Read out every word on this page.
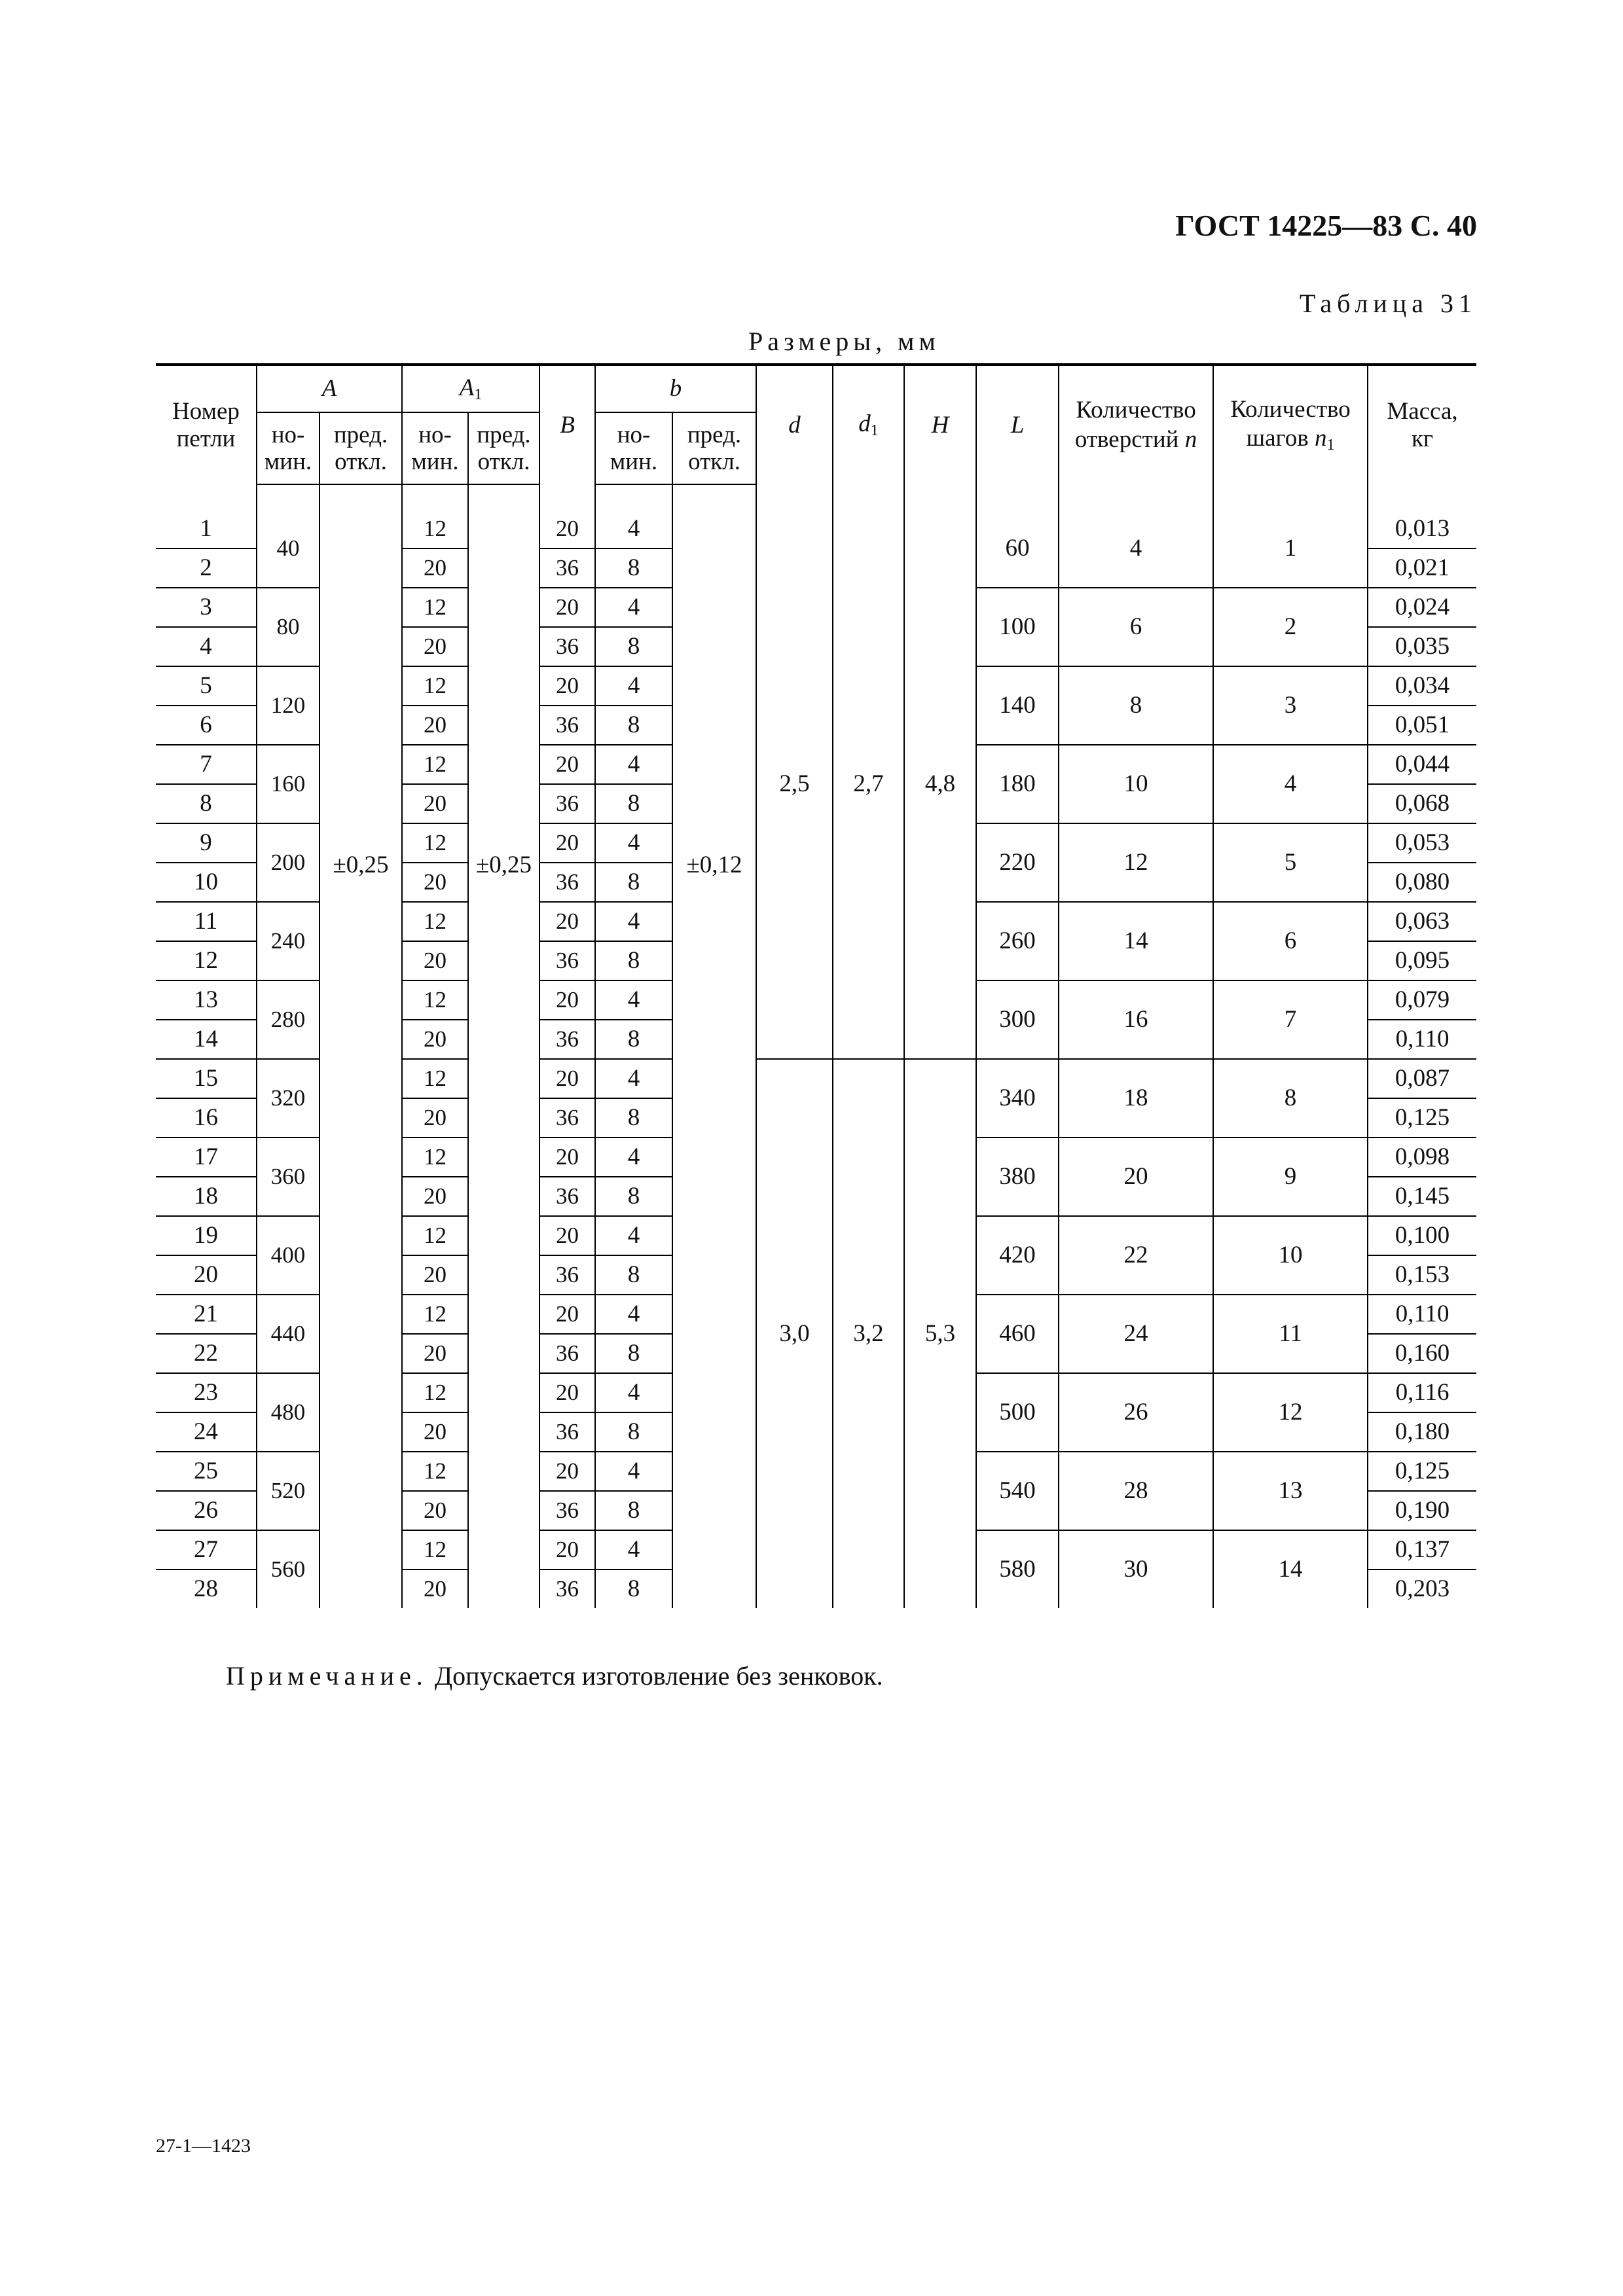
ГОСТ 14225—83 С. 40
Таблица 31
Размеры, мм
Номер петли	A		$A_1$		B	b		d	$d_1$	H	L	Количество отверстий n	Количество шагов $n_1$	Масса, кг
	но- мин.	пред. откл.	но- мин.	пред. откл.		но- мин.	пред. откл.							

1	40	±0,25	12	±0,25	20	4	±0,12	2,5	2,7	4,8	60	4	1	0,013
2			20		36	8								0,021
3	80		12		20	4					100	6	2	0,024
4			20		36	8								0,035
5	120		12		20	4					140	8	3	0,034
6			20		36	8								0,051
7	160		12		20	4					180	10	4	0,044
8			20		36	8								0,068
9	200		12		20	4					220	12	5	0,053
10			20		36	8								0,080
11	240		12		20	4					260	14	6	0,063
12			20		36	8								0,095
13	280		12		20	4					300	16	7	0,079
14			20		36	8								0,110
15	320		12		20	4		3,0	3,2	5,3	340	18	8	0,087
16			20		36	8								0,125
17	360		12		20	4					380	20	9	0,098
18			20		36	8								0,145
19	400		12		20	4					420	22	10	0,100
20			20		36	8								0,153
21	440		12		20	4					460	24	11	0,110
22			20		36	8								0,160
23	480		12		20	4					500	26	12	0,116
24			20		36	8								0,180
25	520		12		20	4					540	28	13	0,125
26			20		36	8								0,190
27	560		12		20	4					580	30	14	0,137
28			20		36	8								0,203
Примечание. Допускается изготовление без зенковок.
27-1—1423
